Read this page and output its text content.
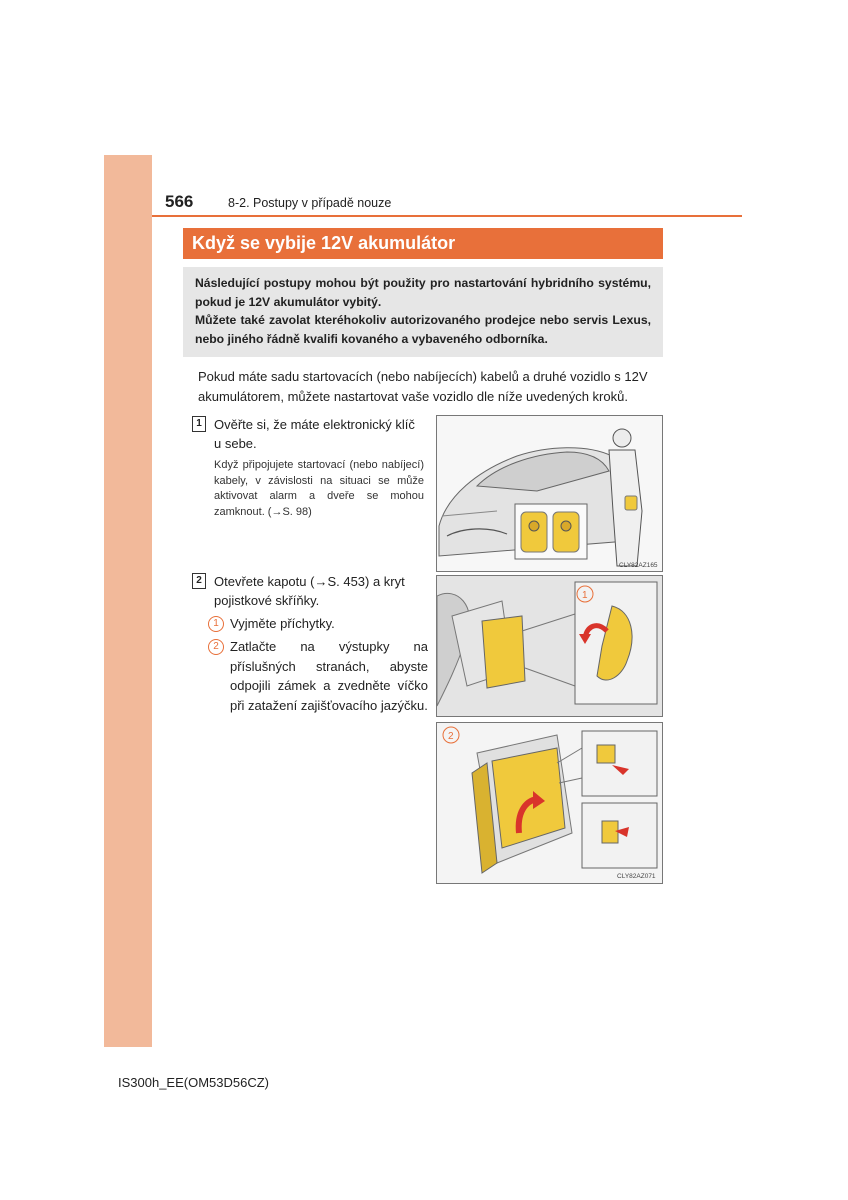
566	8-2. Postupy v případě nouze
Když se vybije 12V akumulátor

Následující postupy mohou být použity pro nastartování hybridního systému, pokud je 12V akumulátor vybitý.

Můžete také zavolat kteréhokoliv autorizovaného prodejce nebo servis Lexus, nebo jiného řádně kvalifi kovaného a vybaveného odborníka.

Pokud máte sadu startovacích (nebo nabíjecích) kabelů a druhé vozidlo s 12V akumulátorem, můžete nastartovat vaše vozidlo dle níže uvedených kroků.

1 Ověřte si, že máte elektronický klíč u sebe.
Když připojujete startovací (nebo nabíjecí) kabely, v závislosti na situaci se může aktivovat alarm a dveře se mohou zamknout. (→S. 98)
2 Otevřete kapotu (→S. 453) a kryt pojistkové skříňky.
1 Vyjměte příchytky.
2 Zatlačte na výstupky na příslušných stranách, abyste odpojili zámek a zvedněte víčko při zatažení zajišťovacího jazýčku.
CLY82AZ165
1
2
CLY82AZ071
IS300h_EE(OM53D56CZ)
